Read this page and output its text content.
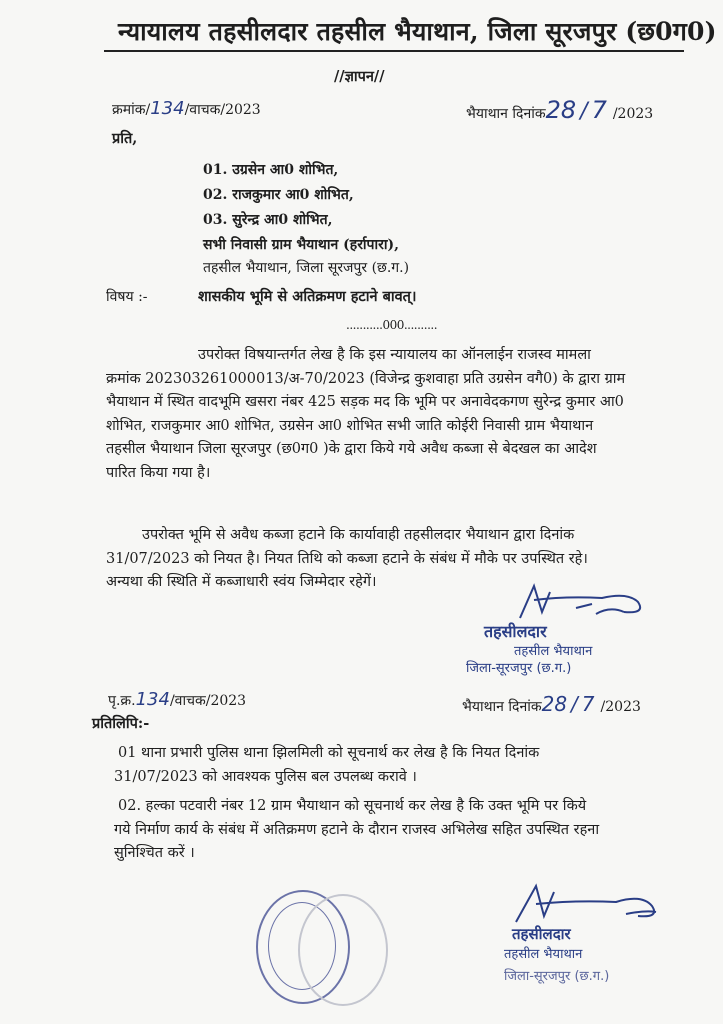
न्यायालय तहसीलदार तहसील भैयाथान, जिला सूरजपुर (छ0ग0)
//ज्ञापन//
क्रमांक/134/वाचक/2023	भैयाथान दिनांक28 / 7 /2023
प्रति,
01. उग्रसेन आ0 शोभित,
02. राजकुमार आ0 शोभित,
03. सुरेन्द्र आ0 शोभित,
सभी निवासी ग्राम भैयाथान (हर्रापारा),
तहसील भैयाथान, जिला सूरजपुर (छ.ग.)
विषय :-	शासकीय भूमि से अतिक्रमण हटाने बावत्।
...........000..........
उपरोक्त विषयान्तर्गत लेख है कि इस न्यायालय का ऑनलाईन राजस्व मामला
क्रमांक 202303261000013/अ-70/2023 (विजेन्द्र कुशवाहा प्रति उग्रसेन वगै0) के द्वारा ग्राम
भैयाथान में स्थित वादभूमि खसरा नंबर 425 सड़क मद कि भूमि पर अनावेदकगण सुरेन्द्र कुमार आ0
शोभित, राजकुमार आ0 शोभित, उग्रसेन आ0 शोभित सभी जाति कोईरी निवासी ग्राम भैयाथान
तहसील भैयाथान जिला सूरजपुर (छ0ग0 )के द्वारा किये गये अवैध कब्जा से बेदखल का आदेश
पारित किया गया है।
उपरोक्त भूमि से अवैध कब्जा हटाने कि कार्यावाही तहसीलदार भैयाथान द्वारा दिनांक
31/07/2023 को नियत है। नियत तिथि को कब्जा हटाने के संबंध में मौके पर उपस्थित रहे।
अन्यथा की स्थिति में कब्जाधारी स्वंय जिम्मेदार रहेगें।
तहसीलदार
तहसील भैयाथान
जिला-सूरजपुर (छ.ग.)
पृ.क्र.134/वाचक/2023	भैयाथान दिनांक28 / 7 /2023
प्रतिलिपि:-
01 थाना प्रभारी पुलिस थाना झिलमिली को सूचनार्थ कर लेख है कि नियत दिनांक
31/07/2023 को आवश्यक पुलिस बल उपलब्ध करावे ।
02. हल्का पटवारी नंबर 12 ग्राम भैयाथान को सूचनार्थ कर लेख है कि उक्त भूमि पर किये
गये निर्माण कार्य के संबंध में अतिक्रमण हटाने के दौरान राजस्व अभिलेख सहित उपस्थित रहना
सुनिश्चित करें ।
तहसीलदार
तहसील भैयाथान
जिला-सूरजपुर (छ.ग.)
